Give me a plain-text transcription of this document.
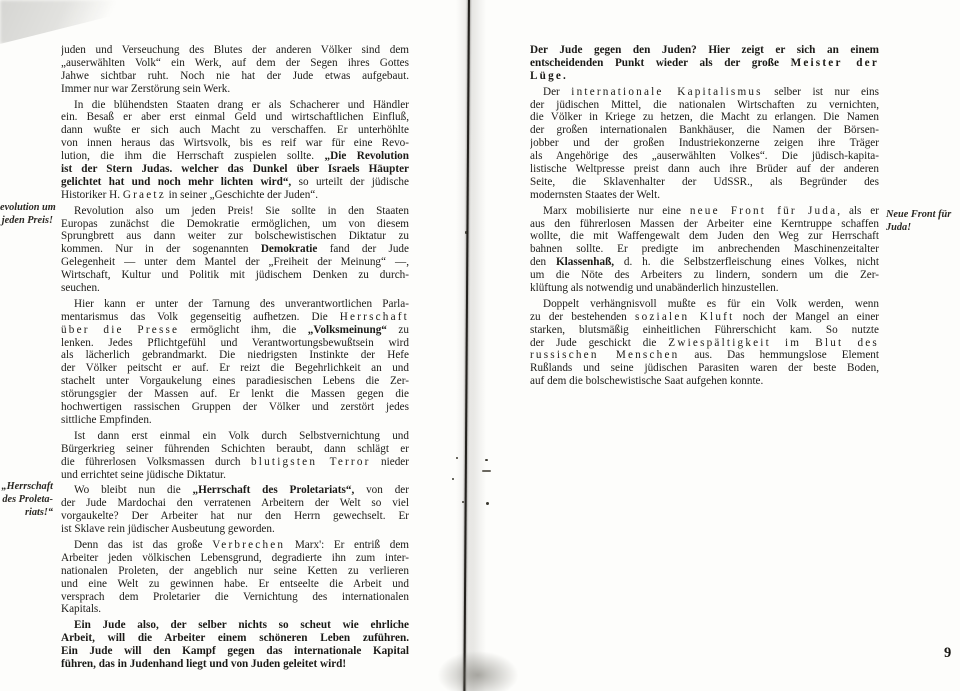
juden und Verseuchung des Blutes der anderen Völker sind dem
„auserwählten Volk“ ein Werk, auf dem der Segen ihres Gottes
Jahwe sichtbar ruht. Noch nie hat der Jude etwas aufgebaut.
Immer nur war Zerstörung sein Werk.
In die blühendsten Staaten drang er als Schacherer und Händler
ein. Besaß er aber erst einmal Geld und wirtschaftlichen Einfluß,
dann wußte er sich auch Macht zu verschaffen. Er unterhöhlte
von innen heraus das Wirtsvolk, bis es reif war für eine Revo-
lution, die ihm die Herrschaft zuspielen sollte. „Die Revolution
ist der Stern Judas. welcher das Dunkel über Israels Häupter
gelichtet hat und noch mehr lichten wird“, so urteilt der jüdische
Historiker H. Graetz in seiner „Geschichte der Juden“.
Revolution also um jeden Preis! Sie sollte in den Staaten
Europas zunächst die Demokratie ermöglichen, um von diesem
Sprungbrett aus dann weiter zur bolschewistischen Diktatur zu
kommen. Nur in der sogenannten Demokratie fand der Jude
Gelegenheit — unter dem Mantel der „Freiheit der Meinung“ —,
Wirtschaft, Kultur und Politik mit jüdischem Denken zu durch-
seuchen.
Hier kann er unter der Tarnung des unverantwortlichen Parla-
mentarismus das Volk gegenseitig aufhetzen. Die Herrschaft
über die Presse ermöglicht ihm, die „Volksmeinung“ zu
lenken. Jedes Pflichtgefühl und Verantwortungsbewußtsein wird
als lächerlich gebrandmarkt. Die niedrigsten Instinkte der Hefe
der Völker peitscht er auf. Er reizt die Begehrlichkeit an und
stachelt unter Vorgaukelung eines paradiesischen Lebens die Zer-
störungsgier der Massen auf. Er lenkt die Massen gegen die
hochwertigen rassischen Gruppen der Völker und zerstört jedes
sittliche Empfinden.
Ist dann erst einmal ein Volk durch Selbstvernichtung und
Bürgerkrieg seiner führenden Schichten beraubt, dann schlägt er
die führerlosen Volksmassen durch blutigsten Terror nieder
und errichtet seine jüdische Diktatur.
Wo bleibt nun die „Herrschaft des Proletariats“, von der
der Jude Mardochai den verratenen Arbeitern der Welt so viel
vorgaukelte? Der Arbeiter hat nur den Herrn gewechselt. Er
ist Sklave rein jüdischer Ausbeutung geworden.
Denn das ist das große Verbrechen Marx': Er entriß dem
Arbeiter jeden völkischen Lebensgrund, degradierte ihn zum inter-
nationalen Proleten, der angeblich nur seine Ketten zu verlieren
und eine Welt zu gewinnen habe. Er entseelte die Arbeit und
versprach dem Proletarier die Vernichtung des internationalen
Kapitals.
Ein Jude also, der selber nichts so scheut wie ehrliche
Arbeit, will die Arbeiter einem schöneren Leben zuführen.
Ein Jude will den Kampf gegen das internationale Kapital
führen, das in Judenhand liegt und von Juden geleitet wird!
Der Jude gegen den Juden? Hier zeigt er sich an einem
entscheidenden Punkt wieder als der große Meister der
Lüge.
Der internationale Kapitalismus selber ist nur eins
der jüdischen Mittel, die nationalen Wirtschaften zu vernichten,
die Völker in Kriege zu hetzen, die Macht zu erlangen. Die Namen
der großen internationalen Bankhäuser, die Namen der Börsen-
jobber und der großen Industriekonzerne zeigen ihre Träger
als Angehörige des „auserwählten Volkes“. Die jüdisch-kapita-
listische Weltpresse preist dann auch ihre Brüder auf der anderen
Seite, die Sklavenhalter der UdSSR., als Begründer des
modernsten Staates der Welt.
Marx mobilisierte nur eine neue Front für Juda, als er
aus den führerlosen Massen der Arbeiter eine Kerntruppe schaffen
wollte, die mit Waffengewalt dem Juden den Weg zur Herrschaft
bahnen sollte. Er predigte im anbrechenden Maschinenzeitalter
den Klassenhaß, d. h. die Selbstzerfleischung eines Volkes, nicht
um die Nöte des Arbeiters zu lindern, sondern um die Zer-
klüftung als notwendig und unabänderlich hinzustellen.
Doppelt verhängnisvoll mußte es für ein Volk werden, wenn
zu der bestehenden sozialen Kluft noch der Mangel an einer
starken, blutsmäßig einheitlichen Führerschicht kam. So nutzte
der Jude geschickt die Zwiespältigkeit im Blut des
russischen Menschen aus. Das hemmungslose Element
Rußlands und seine jüdischen Parasiten waren der beste Boden,
auf dem die bolschewistische Saat aufgehen konnte.
evolution um
jeden Preis!
„Herrschaft
des Proleta-
riats!“
Neue Front für
Juda!
9
